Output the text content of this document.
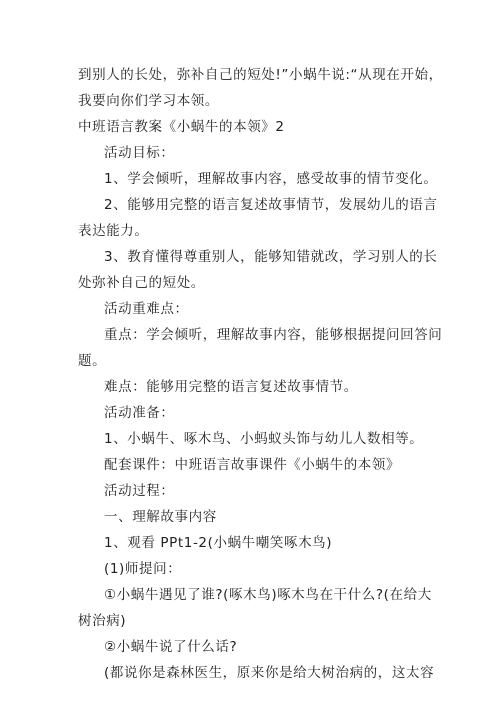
到别人的长处，弥补自己的短处!”小蜗牛说:“从现在开始，
我要向你们学习本领。
中班语言教案《小蜗牛的本领》2
活动目标：
1、学会倾听，理解故事内容，感受故事的情节变化。
2、能够用完整的语言复述故事情节，发展幼儿的语言
表达能力。
3、教育懂得尊重别人，能够知错就改，学习别人的长
处弥补自己的短处。
活动重难点：
重点：学会倾听，理解故事内容，能够根据提问回答问
题。
难点：能够用完整的语言复述故事情节。
活动准备：
1、小蜗牛、啄木鸟、小蚂蚁头饰与幼儿人数相等。
配套课件：中班语言故事课件《小蜗牛的本领》
活动过程：
一、理解故事内容
1、观看 PPt1-2(小蜗牛嘲笑啄木鸟)
(1)师提问：
①小蜗牛遇见了谁?(啄木鸟)啄木鸟在干什么?(在给大
树治病)
②小蜗牛说了什么话?
(都说你是森林医生，原来你是给大树治病的，这太容
